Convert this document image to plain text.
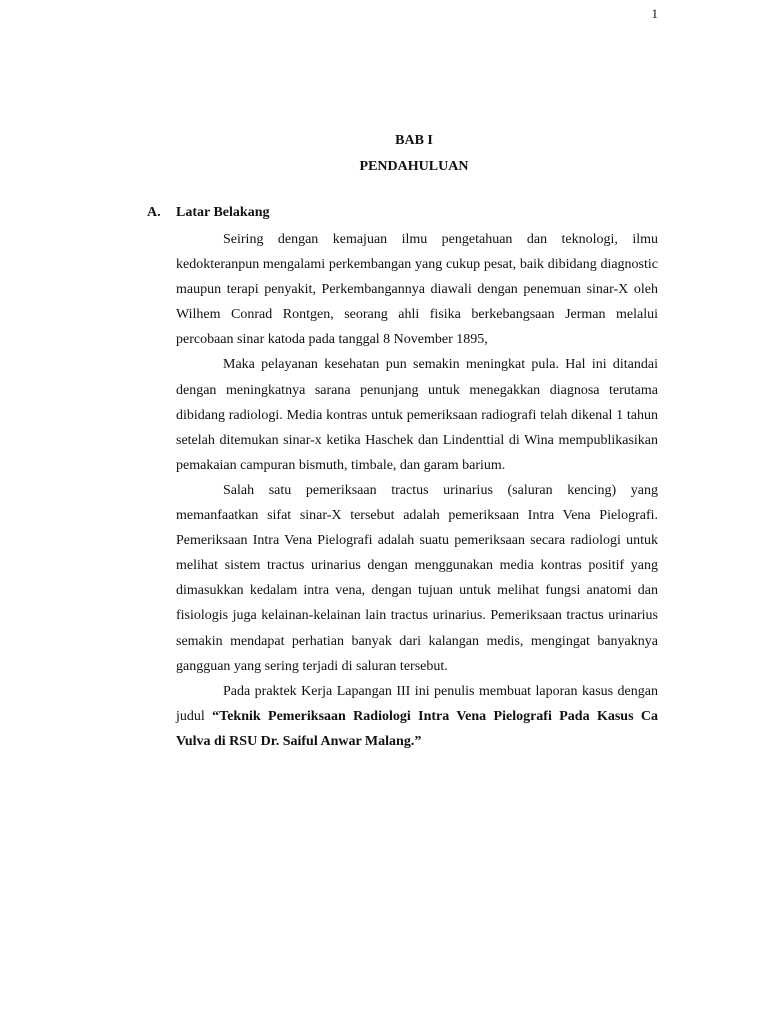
1
BAB I
PENDAHULUAN
A.	Latar Belakang

Seiring dengan kemajuan ilmu pengetahuan dan teknologi, ilmu kedokteranpun mengalami perkembangan yang cukup pesat, baik dibidang diagnostic maupun terapi penyakit, Perkembangannya diawali dengan penemuan sinar-X oleh Wilhem Conrad Rontgen, seorang ahli fisika berkebangsaan Jerman melalui percobaan sinar katoda pada tanggal 8 November 1895,

Maka pelayanan kesehatan pun semakin meningkat pula. Hal ini ditandai dengan meningkatnya sarana penunjang untuk menegakkan diagnosa terutama dibidang radiologi. Media kontras untuk pemeriksaan radiografi telah dikenal 1 tahun setelah ditemukan sinar-x ketika Haschek dan Lindenttial di Wina mempublikasikan pemakaian campuran bismuth, timbale, dan garam barium.

Salah satu pemeriksaan tractus urinarius (saluran kencing) yang memanfaatkan sifat sinar-X tersebut adalah pemeriksaan Intra Vena Pielografi. Pemeriksaan Intra Vena Pielografi adalah suatu pemeriksaan secara radiologi untuk melihat sistem tractus urinarius dengan menggunakan media kontras positif yang dimasukkan kedalam intra vena, dengan tujuan untuk melihat fungsi anatomi dan fisiologis juga kelainan-kelainan lain tractus urinarius. Pemeriksaan tractus urinarius semakin mendapat perhatian banyak dari kalangan medis, mengingat banyaknya gangguan yang sering terjadi di saluran tersebut.

Pada praktek Kerja Lapangan III ini penulis membuat laporan kasus dengan judul “Teknik Pemeriksaan Radiologi Intra Vena Pielografi Pada Kasus Ca Vulva di RSU Dr. Saiful Anwar Malang.”
